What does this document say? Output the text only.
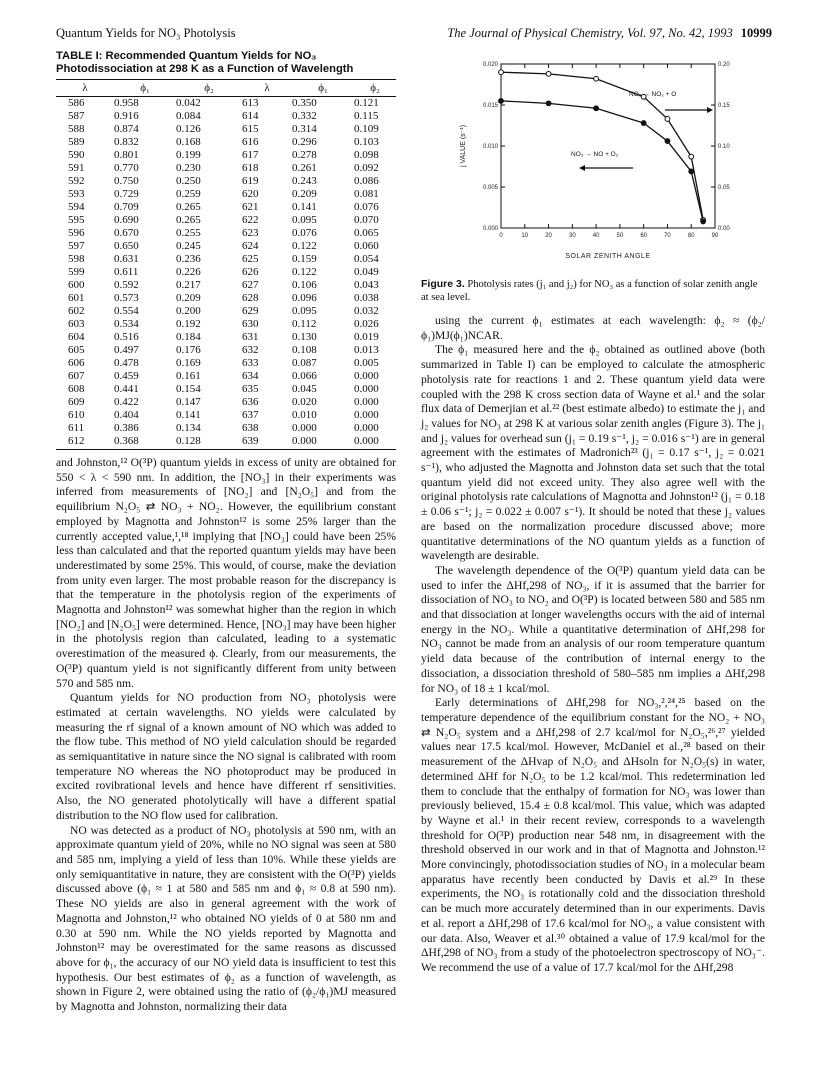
Quantum Yields for NO₃ Photolysis	The Journal of Physical Chemistry, Vol. 97, No. 42, 1993 10999
TABLE I: Recommended Quantum Yields for NO₃ Photodissociation at 298 K as a Function of Wavelength
λ	ϕ₁	ϕ₂	λ	ϕ₁	ϕ₂
586	0.958	0.042	613	0.350	0.121
587	0.916	0.084	614	0.332	0.115
588	0.874	0.126	615	0.314	0.109
589	0.832	0.168	616	0.296	0.103
590	0.801	0.199	617	0.278	0.098
591	0.770	0.230	618	0.261	0.092
592	0.750	0.250	619	0.243	0.086
593	0.729	0.259	620	0.209	0.081
594	0.709	0.265	621	0.141	0.076
595	0.690	0.265	622	0.095	0.070
596	0.670	0.255	623	0.076	0.065
597	0.650	0.245	624	0.122	0.060
598	0.631	0.236	625	0.159	0.054
599	0.611	0.226	626	0.122	0.049
600	0.592	0.217	627	0.106	0.043
601	0.573	0.209	628	0.096	0.038
602	0.554	0.200	629	0.095	0.032
603	0.534	0.192	630	0.112	0.026
604	0.516	0.184	631	0.130	0.019
605	0.497	0.176	632	0.108	0.013
606	0.478	0.169	633	0.087	0.005
607	0.459	0.161	634	0.066	0.000
608	0.441	0.154	635	0.045	0.000
609	0.422	0.147	636	0.020	0.000
610	0.404	0.141	637	0.010	0.000
611	0.386	0.134	638	0.000	0.000
612	0.368	0.128	639	0.000	0.000

and Johnston,¹² O(³P) quantum yields in excess of unity are obtained for 550 < λ < 590 nm. In addition, the [NO₃] in their experiments was inferred from measurements of [NO₂] and [N₂O₅] and from the equilibrium N₂O₅ ⇄ NO₃ + NO₂. However, the equilibrium constant employed by Magnotta and Johnston¹² is some 25% larger than the currently accepted value,¹,¹⁸ implying that [NO₃] could have been 25% less than calculated and that the reported quantum yields may have been underestimated by some 25%. This would, of course, make the deviation from unity even larger. The most probable reason for the discrepancy is that the temperature in the photolysis region of the experiments of Magnotta and Johnston¹² was somewhat higher than the region in which [NO₂] and [N₂O₅] were determined. Hence, [NO₃] may have been higher in the photolysis region than calculated, leading to a systematic overestimation of the measured ϕ. Clearly, from our measurements, the O(³P) quantum yield is not significantly different from unity between 570 and 585 nm.

Quantum yields for NO production from NO₃ photolysis were estimated at certain wavelengths. NO yields were calculated by measuring the rf signal of a known amount of NO which was added to the flow tube. This method of NO yield calculation should be regarded as semiquantitative in nature since the NO signal is calibrated with room temperature NO whereas the NO photoproduct may be produced in excited rovibrational levels and hence have different rf sensitivities. Also, the NO generated photolytically will have a different spatial distribution to the NO flow used for calibration.

NO was detected as a product of NO₃ photolysis at 590 nm, with an approximate quantum yield of 20%, while no NO signal was seen at 580 and 585 nm, implying a yield of less than 10%. While these yields are only semiquantitative in nature, they are consistent with the O(³P) yields discussed above (ϕ₁ ≈ 1 at 580 and 585 nm and ϕ₁ ≈ 0.8 at 590 nm). These NO yields are also in general agreement with the work of Magnotta and Johnston,¹² who obtained NO yields of 0 at 580 nm and 0.30 at 590 nm. While the NO yields reported by Magnotta and Johnston¹² may be overestimated for the same reasons as discussed above for ϕ₁, the accuracy of our NO yield data is insufficient to test this hypothesis. Our best estimates of ϕ₂ as a function of wavelength, as shown in Figure 2, were obtained using the ratio of (ϕ₂/ϕ₁)MJ measured by Magnotta and Johnston, normalizing their data

0	10	20	30	40	50	60	70	80	90
0.000
0.005
0.010
0.015
0.020
0.00
0.05
0.10
0.15
0.20
SOLAR ZENITH ANGLE
j VALUE (s⁻¹)
NO₃ → NO₂ + O
NO₃ → NO + O₂
Figure 3. Photolysis rates (j₁ and j₂) for NO₃ as a function of solar zenith angle at sea level.

using the current ϕ₁ estimates at each wavelength: ϕ₂ ≈ (ϕ₂/ϕ₁)MJ(ϕ₁)NCAR.

The ϕ₁ measured here and the ϕ₂ obtained as outlined above (both summarized in Table I) can be employed to calculate the atmospheric photolysis rate for reactions 1 and 2. These quantum yield data were coupled with the 298 K cross section data of Wayne et al.¹ and the solar flux data of Demerjian et al.²² (best estimate albedo) to estimate the j₁ and j₂ values for NO₃ at 298 K at various solar zenith angles (Figure 3). The j₁ and j₂ values for overhead sun (j₁ = 0.19 s⁻¹, j₂ = 0.016 s⁻¹) are in general agreement with the estimates of Madronich²³ (j₁ = 0.17 s⁻¹, j₂ = 0.021 s⁻¹), who adjusted the Magnotta and Johnston data set such that the total quantum yield did not exceed unity. They also agree well with the original photolysis rate calculations of Magnotta and Johnston¹² (j₁ = 0.18 ± 0.06 s⁻¹; j₂ = 0.022 ± 0.007 s⁻¹). It should be noted that these j₂ values are based on the normalization procedure discussed above; more quantitative determinations of the NO quantum yields as a function of wavelength are desirable.

The wavelength dependence of the O(³P) quantum yield data can be used to infer the ΔHf,298 of NO₃, if it is assumed that the barrier for dissociation of NO₃ to NO₂ and O(³P) is located between 580 and 585 nm and that dissociation at longer wavelengths occurs with the aid of internal energy in the NO₃. While a quantitative determination of ΔHf,298 for NO₃ cannot be made from an analysis of our room temperature quantum yield data because of the contribution of internal energy to the dissociation, a dissociation threshold of 580–585 nm implies a ΔHf,298 for NO₃ of 18 ± 1 kcal/mol.

Early determinations of ΔHf,298 for NO₃,²,²⁴,²⁵ based on the temperature dependence of the equilibrium constant for the NO₂ + NO₃ ⇄ N₂O₅ system and a ΔHf,298 of 2.7 kcal/mol for N₂O₅,²⁶,²⁷ yielded values near 17.5 kcal/mol. However, McDaniel et al.,²⁸ based on their measurement of the ΔHvap of N₂O₅ and ΔHsoln for N₂O₅(s) in water, determined ΔHf for N₂O₅ to be 1.2 kcal/mol. This redetermination led them to conclude that the enthalpy of formation for NO₃ was lower than previously believed, 15.4 ± 0.8 kcal/mol. This value, which was adapted by Wayne et al.¹ in their recent review, corresponds to a wavelength threshold for O(³P) production near 548 nm, in disagreement with the threshold observed in our work and in that of Magnotta and Johnston.¹² More convincingly, photodissociation studies of NO₃ in a molecular beam apparatus have recently been conducted by Davis et al.²⁹ In these experiments, the NO₃ is rotationally cold and the dissociation threshold can be much more accurately determined than in our experiments. Davis et al. report a ΔHf,298 of 17.6 kcal/mol for NO₃, a value consistent with our data. Also, Weaver et al.³⁰ obtained a value of 17.9 kcal/mol for the ΔHf,298 of NO₃ from a study of the photoelectron spectroscopy of NO₃⁻. We recommend the use of a value of 17.7 kcal/mol for the ΔHf,298
